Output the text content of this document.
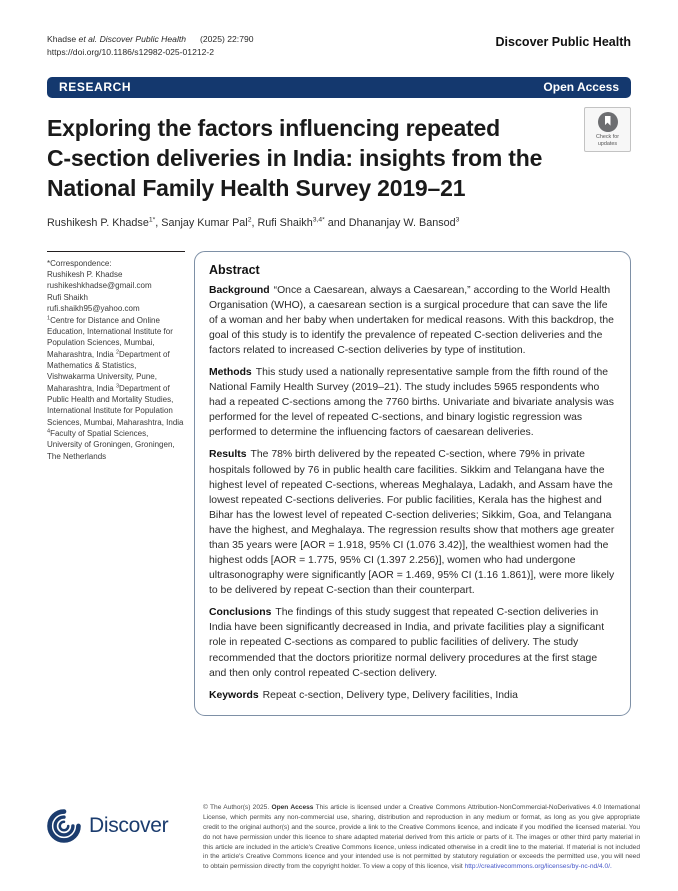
Khadse et al. Discover Public Health (2025) 22:790
https://doi.org/10.1186/s12982-025-01212-2
Discover Public Health
RESEARCH	Open Access
Exploring the factors influencing repeated
C-section deliveries in India: insights from the
National Family Health Survey 2019–21
Check for updates
Rushikesh P. Khadse$^{1*}$, Sanjay Kumar Pal$^2$, Rufi Shaikh$^{3,4*}$ and Dhananjay W. Bansod$^3$
*Correspondence:
Rushikesh P. Khadse
rushikeshkhadse@gmail.com
Rufi Shaikh
rufi.shaikh95@yahoo.com
$^1$Centre for Distance and Online Education, International Institute for Population Sciences, Mumbai, Maharashtra, India $^2$Department of Mathematics & Statistics, Vishwakarma University, Pune, Maharashtra, India $^3$Department of Public Health and Mortality Studies, International Institute for Population Sciences, Mumbai, Maharashtra, India $^4$Faculty of Spatial Sciences, University of Groningen, Groningen, The Netherlands
Abstract

Background “Once a Caesarean, always a Caesarean,” according to the World Health Organisation (WHO), a caesarean section is a surgical procedure that can save the life of a woman and her baby when undertaken for medical reasons. With this backdrop, the goal of this study is to identify the prevalence of repeated C-section deliveries and the factors related to increased C-section deliveries by type of institution.

Methods This study used a nationally representative sample from the fifth round of the National Family Health Survey (2019–21). The study includes 5965 respondents who had a repeated C-sections among the 7760 births. Univariate and bivariate analysis was performed for the level of repeated C-sections, and binary logistic regression was performed to determine the influencing factors of caesarean deliveries.

Results The 78% birth delivered by the repeated C-section, where 79% in private hospitals followed by 76 in public health care facilities. Sikkim and Telangana have the highest level of repeated C-sections, whereas Meghalaya, Ladakh, and Assam have the lowest repeated C-sections deliveries. For public facilities, Kerala has the highest and Bihar has the lowest level of repeated C-section deliveries; Sikkim, Goa, and Telangana have the highest, and Meghalaya. The regression results show that mothers age greater than 35 years were [AOR = 1.918, 95% CI (1.076 3.42)], the wealthiest women had the highest odds [AOR = 1.775, 95% CI (1.397 2.256)], women who had undergone ultrasonography were significantly [AOR = 1.469, 95% CI (1.16 1.861)], were more likely to be delivered by repeat C-section than their counterpart.

Conclusions The findings of this study suggest that repeated C-section deliveries in India have been significantly decreased in India, and private facilities play a significant role in repeated C-sections as compared to public facilities of delivery. The study recommended that the doctors prioritize normal delivery procedures at the first stage and then only control repeated C-section delivery.

Keywords Repeat c-section, Delivery type, Delivery facilities, India

Discover
© The Author(s) 2025. Open Access This article is licensed under a Creative Commons Attribution-NonCommercial-NoDerivatives 4.0 International License, which permits any non-commercial use, sharing, distribution and reproduction in any medium or format, as long as you give appropriate credit to the original author(s) and the source, provide a link to the Creative Commons licence, and indicate if you modified the licensed material. You do not have permission under this licence to share adapted material derived from this article or parts of it. The images or other third party material in this article are included in the article's Creative Commons licence, unless indicated otherwise in a credit line to the material. If material is not included in the article's Creative Commons licence and your intended use is not permitted by statutory regulation or exceeds the permitted use, you will need to obtain permission directly from the copyright holder. To view a copy of this licence, visit http://creativecommons.org/licenses/by-nc-nd/4.0/.
